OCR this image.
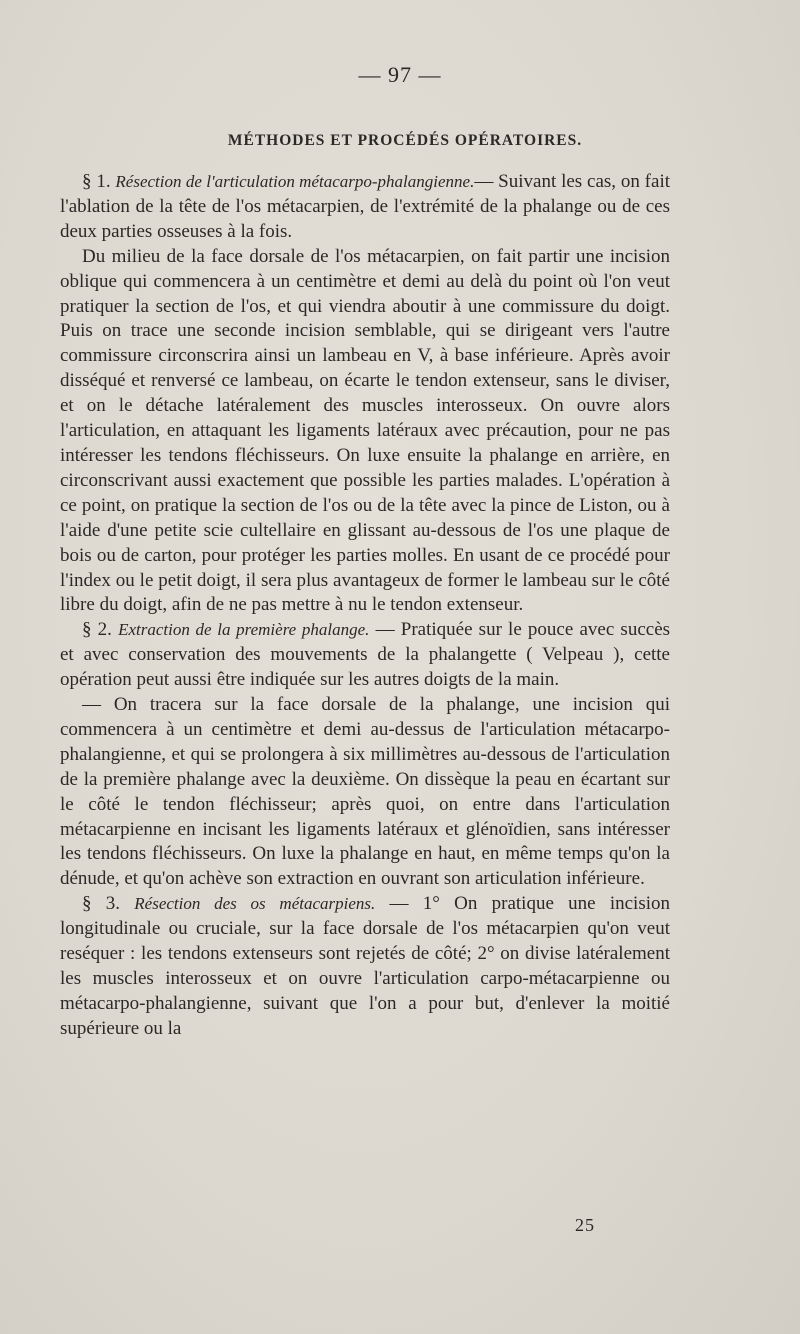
— 97 —
MÉTHODES ET PROCÉDÉS OPÉRATOIRES.

§ 1. Résection de l'articulation métacarpo-phalangienne.— Suivant les cas, on fait l'ablation de la tête de l'os métacarpien, de l'extrémité de la phalange ou de ces deux parties osseuses à la fois.

Du milieu de la face dorsale de l'os métacarpien, on fait partir une incision oblique qui commencera à un centimètre et demi au delà du point où l'on veut pratiquer la section de l'os, et qui viendra aboutir à une commissure du doigt. Puis on trace une seconde incision semblable, qui se dirigeant vers l'autre commissure circonscrira ainsi un lambeau en V, à base inférieure. Après avoir disséqué et renversé ce lambeau, on écarte le tendon extenseur, sans le diviser, et on le détache latéralement des muscles interosseux. On ouvre alors l'articulation, en attaquant les ligaments latéraux avec précaution, pour ne pas intéresser les tendons fléchisseurs. On luxe ensuite la phalange en arrière, en circonscrivant aussi exactement que possible les parties malades. L'opération à ce point, on pratique la section de l'os ou de la tête avec la pince de Liston, ou à l'aide d'une petite scie cultellaire en glissant au-dessous de l'os une plaque de bois ou de carton, pour protéger les parties molles. En usant de ce procédé pour l'index ou le petit doigt, il sera plus avantageux de former le lambeau sur le côté libre du doigt, afin de ne pas mettre à nu le tendon extenseur.

§ 2. Extraction de la première phalange. — Pratiquée sur le pouce avec succès et avec conservation des mouvements de la phalangette ( Velpeau ), cette opération peut aussi être indiquée sur les autres doigts de la main.

— On tracera sur la face dorsale de la phalange, une incision qui commencera à un centimètre et demi au-dessus de l'articulation métacarpo-phalangienne, et qui se prolongera à six millimètres au-dessous de l'articulation de la première phalange avec la deuxième. On dissèque la peau en écartant sur le côté le tendon fléchisseur; après quoi, on entre dans l'articulation métacarpienne en incisant les ligaments latéraux et glénoïdien, sans intéresser les tendons fléchisseurs. On luxe la phalange en haut, en même temps qu'on la dénude, et qu'on achève son extraction en ouvrant son articulation inférieure.

§ 3. Résection des os métacarpiens. — 1° On pratique une incision longitudinale ou cruciale, sur la face dorsale de l'os métacarpien qu'on veut reséquer : les tendons extenseurs sont rejetés de côté; 2° on divise latéralement les muscles interosseux et on ouvre l'articulation carpo-métacarpienne ou métacarpo-phalangienne, suivant que l'on a pour but, d'enlever la moitié supérieure ou la

25
